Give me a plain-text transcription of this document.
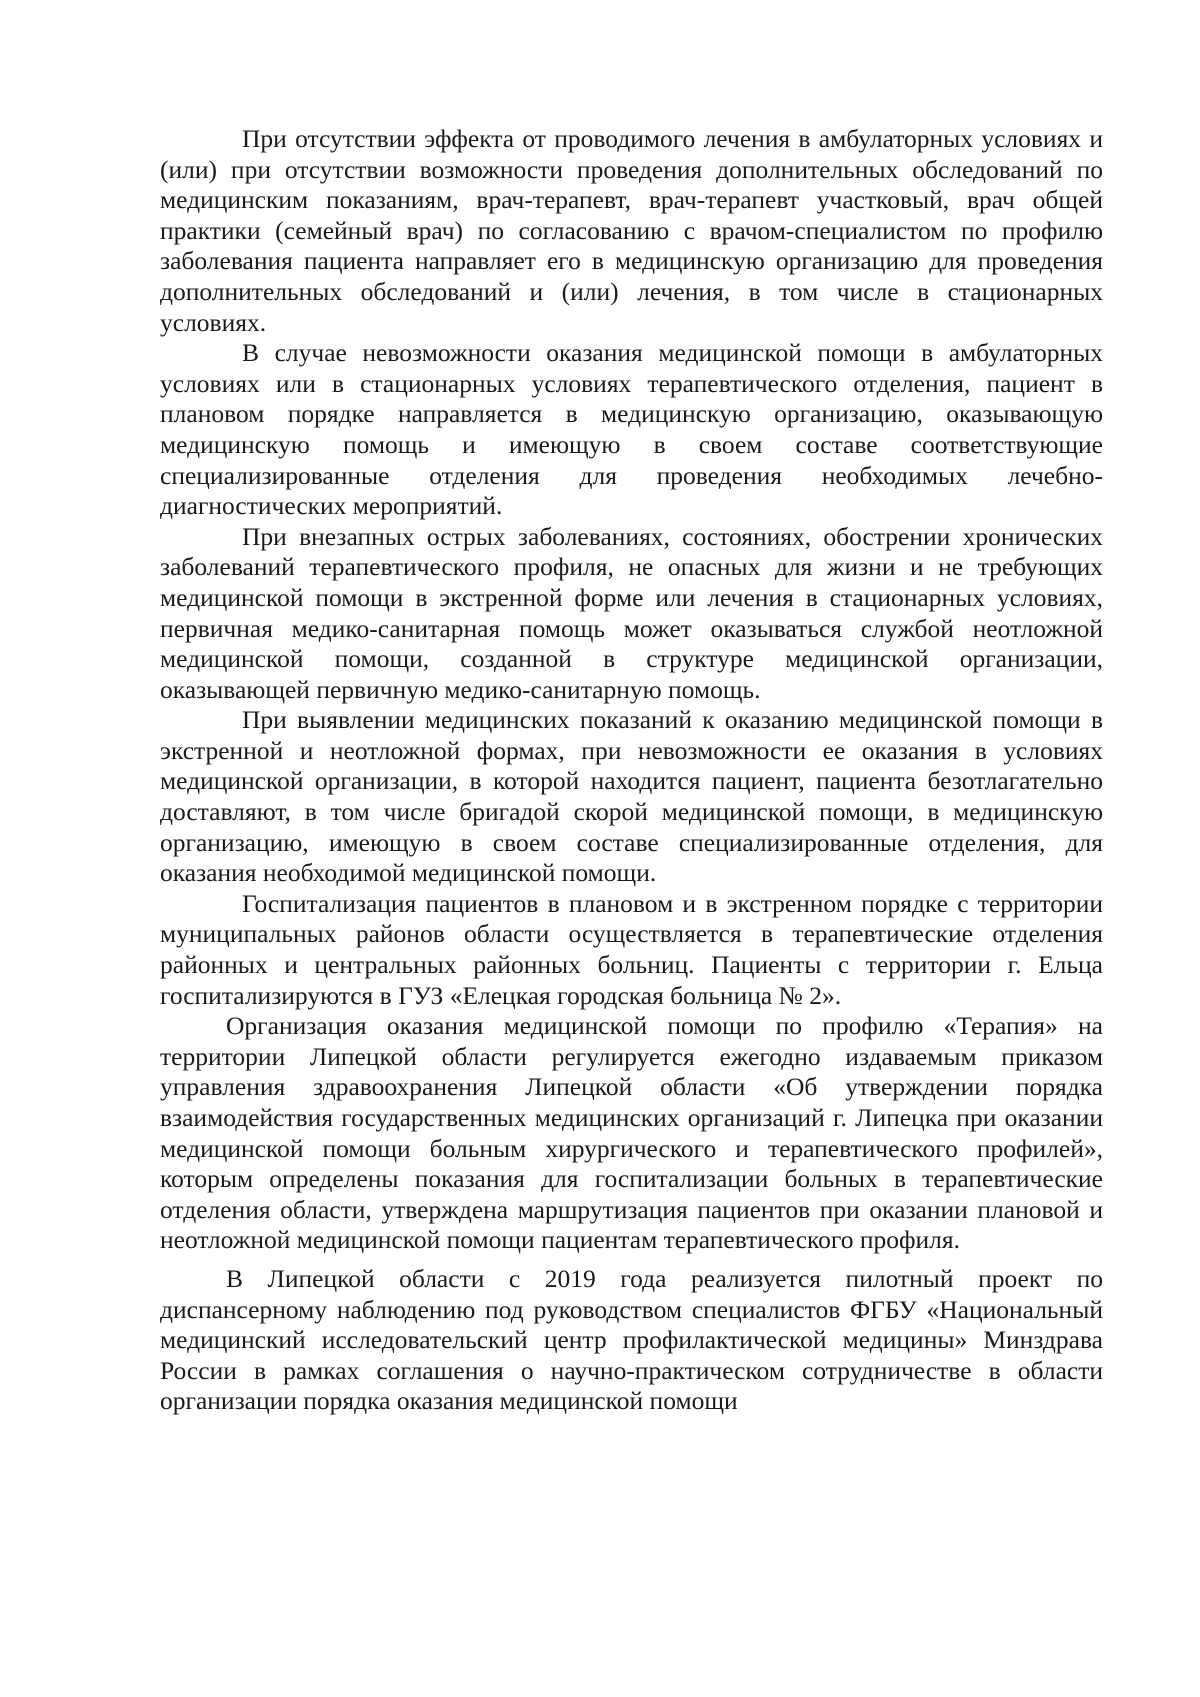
При отсутствии эффекта от проводимого лечения в амбулаторных условиях и (или) при отсутствии возможности проведения дополнительных обследований по медицинским показаниям, врач-терапевт, врач-терапевт участковый, врач общей практики (семейный врач) по согласованию с врачом-специалистом по профилю заболевания пациента направляет его в медицинскую организацию для проведения дополнительных обследований и (или) лечения, в том числе в стационарных условиях.

В случае невозможности оказания медицинской помощи в амбулаторных условиях или в стационарных условиях терапевтического отделения, пациент в плановом порядке направляется в медицинскую организацию, оказывающую медицинскую помощь и имеющую в своем составе соответствующие специализированные отделения для проведения необходимых лечебно-диагностических мероприятий.

При внезапных острых заболеваниях, состояниях, обострении хронических заболеваний терапевтического профиля, не опасных для жизни и не требующих медицинской помощи в экстренной форме или лечения в стационарных условиях, первичная медико-санитарная помощь может оказываться службой неотложной медицинской помощи, созданной в структуре медицинской организации, оказывающей первичную медико-санитарную помощь.

При выявлении медицинских показаний к оказанию медицинской помощи в экстренной и неотложной формах, при невозможности ее оказания в условиях медицинской организации, в которой находится пациент, пациента безотлагательно доставляют, в том числе бригадой скорой медицинской помощи, в медицинскую организацию, имеющую в своем составе специализированные отделения, для оказания необходимой медицинской помощи.

Госпитализация пациентов в плановом и в экстренном порядке с территории муниципальных районов области осуществляется в терапевтические отделения районных и центральных районных больниц. Пациенты с территории г. Ельца госпитализируются в ГУЗ «Елецкая городская больница № 2».

Организация оказания медицинской помощи по профилю «Терапия» на территории Липецкой области регулируется ежегодно издаваемым приказом управления здравоохранения Липецкой области «Об утверждении порядка взаимодействия государственных медицинских организаций г. Липецка при оказании медицинской помощи больным хирургического и терапевтического профилей», которым определены показания для госпитализации больных в терапевтические отделения области, утверждена маршрутизация пациентов при оказании плановой и неотложной медицинской помощи пациентам терапевтического профиля.

В Липецкой области с 2019 года реализуется пилотный проект по диспансерному наблюдению под руководством специалистов ФГБУ «Национальный медицинский исследовательский центр профилактической медицины» Минздрава России в рамках соглашения о научно-практическом сотрудничестве в области организации порядка оказания медицинской помощи
